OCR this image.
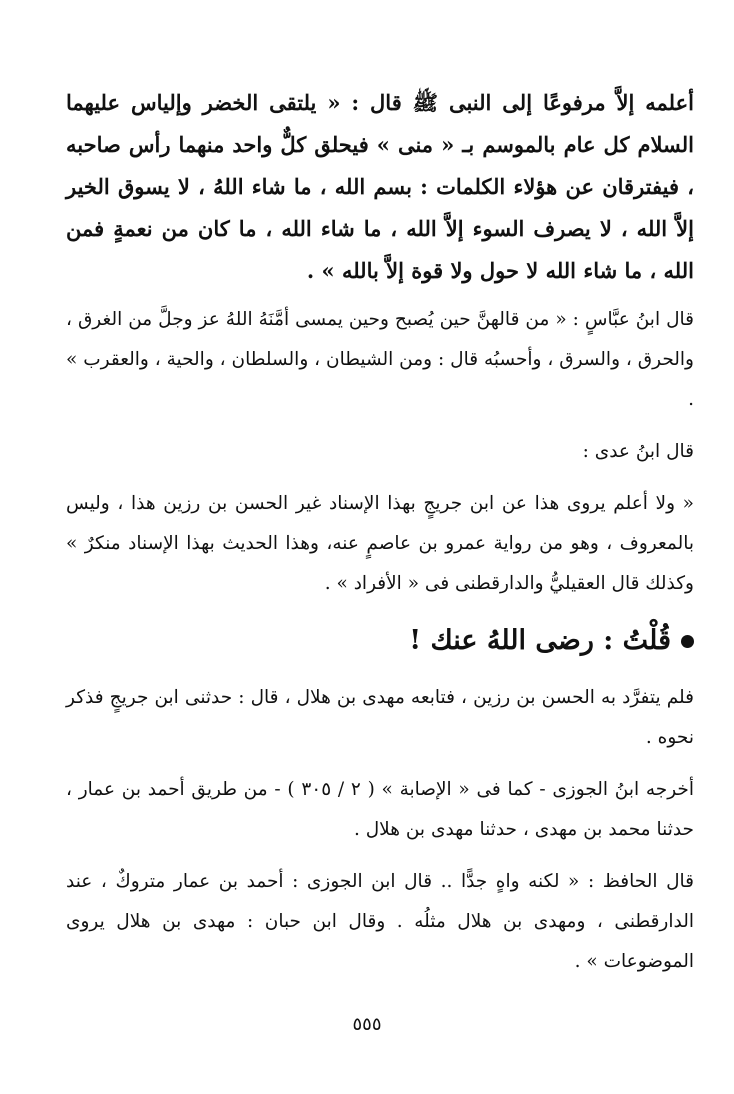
أعلمه إلاَّ مرفوعًا إلى النبى ﷺ قال : « يلتقى الخضر وإلياس عليهما السلام كل عام بالموسم بـ « منى » فيحلق كلٌّ واحد منهما رأس صاحبه ، فيفترقان عن هؤلاء الكلمات : بسم الله ، ما شاء اللهُ ، لا يسوق الخير إلاَّ الله ، لا يصرف السوء إلاَّ الله ، ما شاء الله ، ما كان من نعمةٍ فمن الله ، ما شاء الله لا حول ولا قوة إلاَّ بالله » .

قال ابنُ عبَّاسٍ : « من قالهنَّ حين يُصبح وحين يمسى أمَّنَهُ اللهُ عز وجلَّ من الغرق ، والحرق ، والسرق ، وأحسبُه قال : ومن الشيطان ، والسلطان ، والحية ، والعقرب » .

قال ابنُ عدى :

« ولا أعلم يروى هذا عن ابن جريجٍ بهذا الإسناد غير الحسن بن رزين هذا ، وليس بالمعروف ، وهو من رواية عمرو بن عاصمٍ عنه، وهذا الحديث بهذا الإسناد منكرٌ » وكذلك قال العقيليُّ والدارقطنى فى « الأفراد » .

قُلْتُ : رضى اللهُ عنك !

فلم يتفرَّد به الحسن بن رزين ، فتابعه مهدى بن هلال ، قال : حدثنى ابن جريجٍ فذكر نحوه .

أخرجه ابنُ الجوزى - كما فى « الإصابة » ( ٢ / ٣٠٥ ) - من طريق أحمد بن عمار ، حدثنا محمد بن مهدى ، حدثنا مهدى بن هلال .

قال الحافظ : « لكنه واهٍ جدًّا .. قال ابن الجوزى : أحمد بن عمار متروكٌ ، عند الدارقطنى ، ومهدى بن هلال مثلُه . وقال ابن حبان : مهدى بن هلال يروى الموضوعات » .

٥٥٥
